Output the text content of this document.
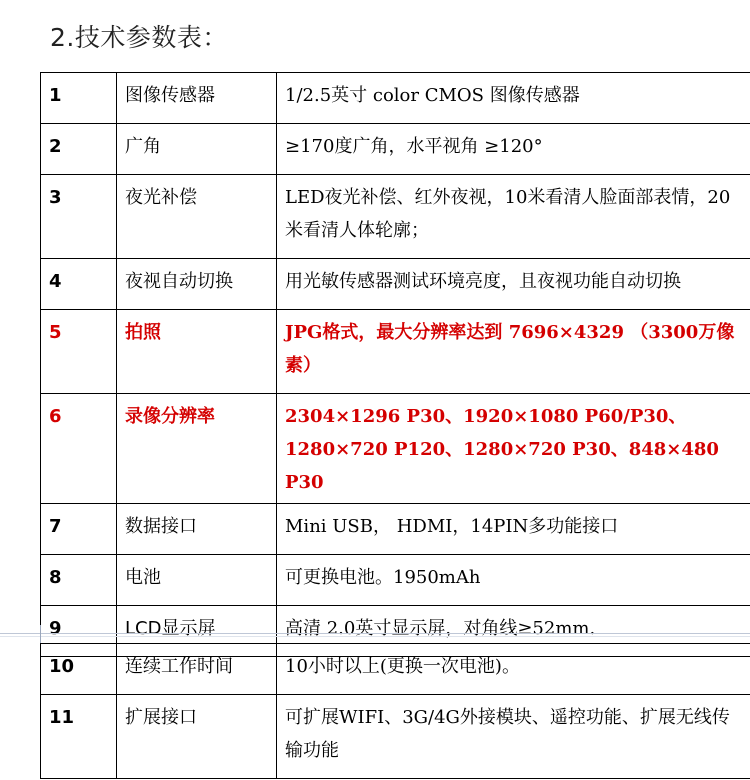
2.技术参数表：
1	图像传感器	1/2.5英寸 color CMOS 图像传感器
2	广角	≥170度广角，水平视角 ≥120°
3	夜光补偿	LED夜光补偿、红外夜视，10米看清人脸面部表情，20米看清人体轮廓；
4	夜视自动切换	用光敏传感器测试环境亮度，且夜视功能自动切换
5	拍照	JPG格式，最大分辨率达到 7696×4329 （3300万像素）
6	录像分辨率	2304×1296 P30、1920×1080 P60/P30、1280×720 P120、1280×720 P30、848×480 P30
7	数据接口	Mini USB， HDMI，14PIN多功能接口
8	电池	可更换电池。1950mAh
9	LCD显示屏	高清 2.0英寸显示屏，对角线≥52mm.
10	连续工作时间	10小时以上(更换一次电池)。
11	扩展接口	可扩展WIFI、3G/4G外接模块、遥控功能、扩展无线传输功能
